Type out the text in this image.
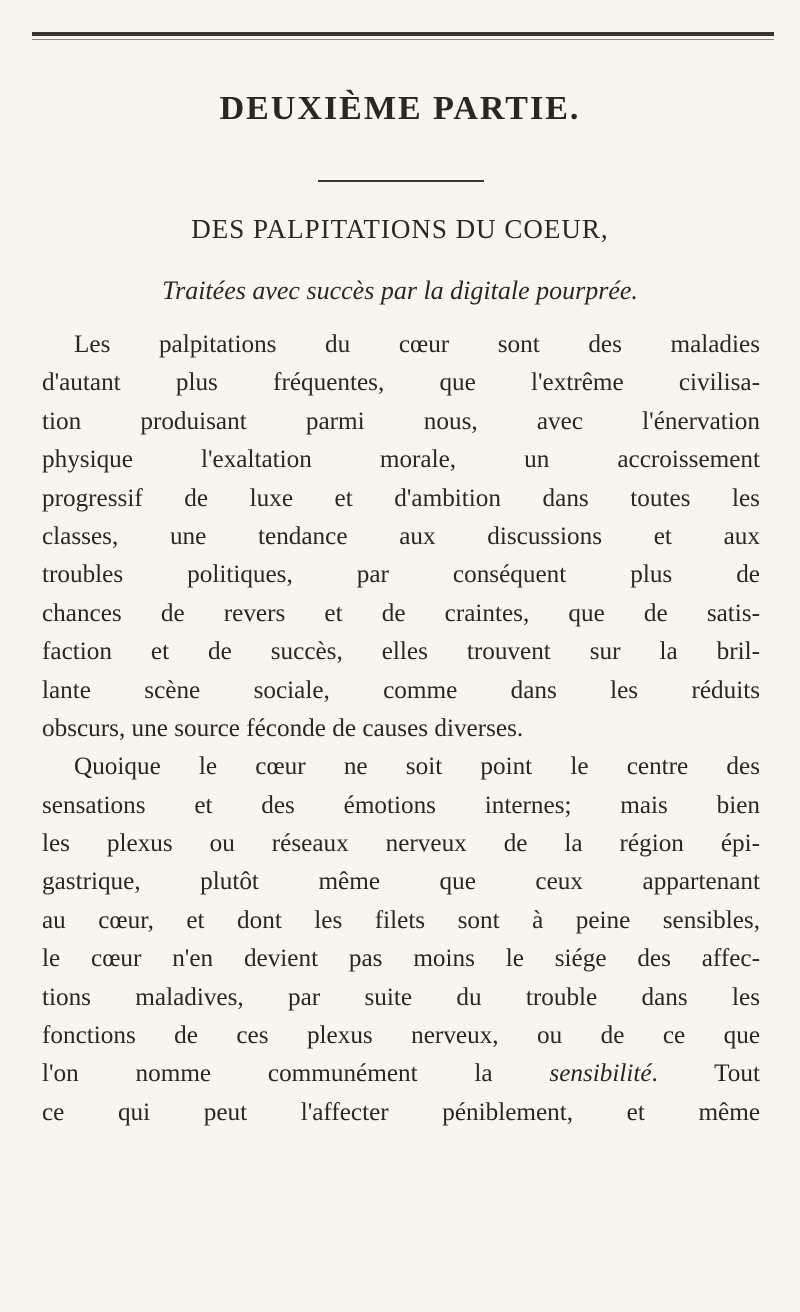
DEUXIÈME PARTIE.
DES PALPITATIONS DU COEUR,

Traitées avec succès par la digitale pourprée.

Les palpitations du cœur sont des maladies
d'autant plus fréquentes, que l'extrême civilisa-
tion produisant parmi nous, avec l'énervation
physique l'exaltation morale, un accroissement
progressif de luxe et d'ambition dans toutes les
classes, une tendance aux discussions et aux
troubles politiques, par conséquent plus de
chances de revers et de craintes, que de satis-
faction et de succès, elles trouvent sur la bril-
lante scène sociale, comme dans les réduits
obscurs, une source féconde de causes diverses.
Quoique le cœur ne soit point le centre des
sensations et des émotions internes; mais bien
les plexus ou réseaux nerveux de la région épi-
gastrique, plutôt même que ceux appartenant
au cœur, et dont les filets sont à peine sensibles,
le cœur n'en devient pas moins le siége des affec-
tions maladives, par suite du trouble dans les
fonctions de ces plexus nerveux, ou de ce que
l'on nomme communément la sensibilité. Tout
ce qui peut l'affecter péniblement, et même
